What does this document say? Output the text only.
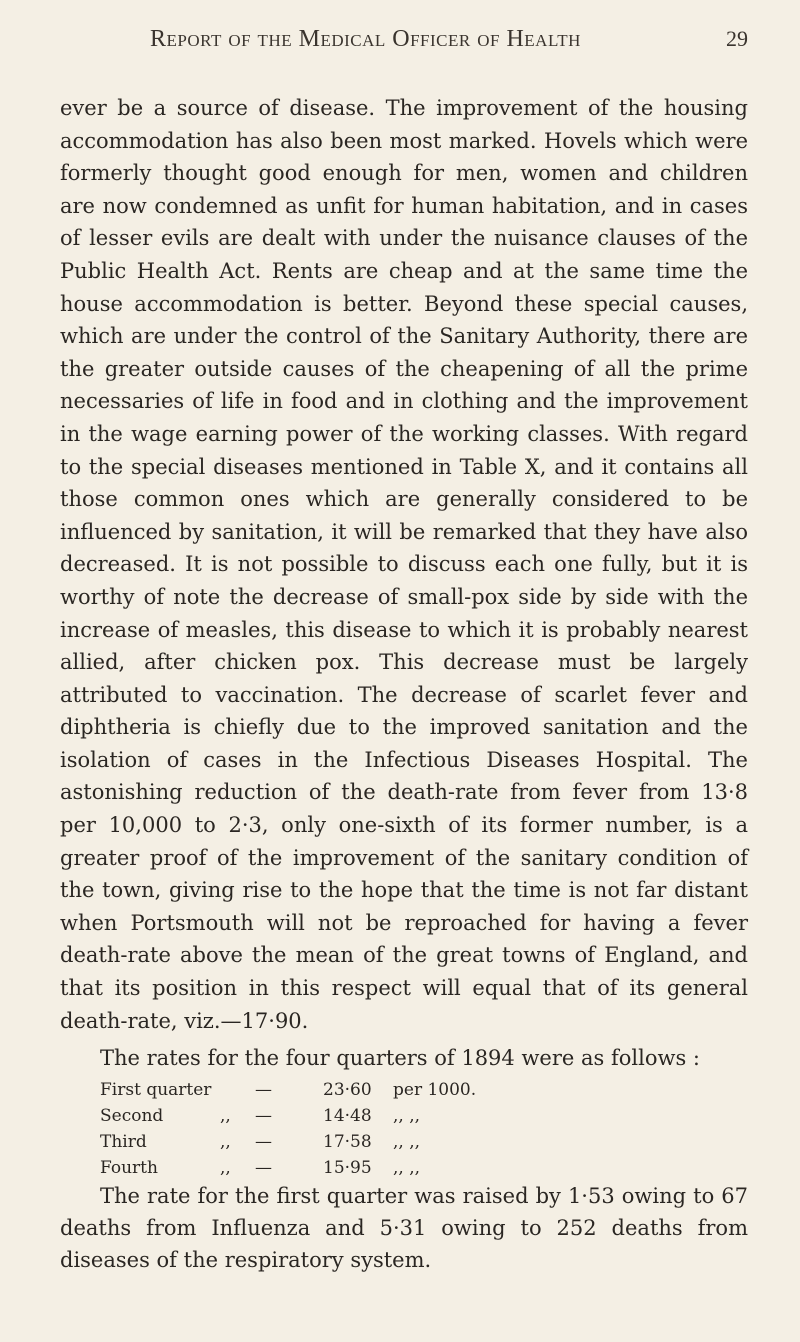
Report of the Medical Officer of Health	29

ever be a source of disease. The improvement of the housing accommodation has also been most marked. Hovels which were formerly thought good enough for men, women and children are now condemned as unfit for human habitation, and in cases of lesser evils are dealt with under the nuisance clauses of the Public Health Act. Rents are cheap and at the same time the house accommodation is better. Beyond these special causes, which are under the control of the Sanitary Authority, there are the greater outside causes of the cheapening of all the prime necessaries of life in food and in clothing and the improvement in the wage earning power of the working classes. With regard to the special diseases mentioned in Table X, and it contains all those common ones which are generally considered to be influenced by sanitation, it will be remarked that they have also decreased. It is not possible to discuss each one fully, but it is worthy of note the decrease of small-pox side by side with the increase of measles, this disease to which it is probably nearest allied, after chicken pox. This decrease must be largely attributed to vaccination. The decrease of scarlet fever and diphtheria is chiefly due to the improved sanitation and the isolation of cases in the Infectious Diseases Hospital. The astonishing reduction of the death-rate from fever from 13·8 per 10,000 to 2·3, only one-sixth of its former number, is a greater proof of the improvement of the sanitary condition of the town, giving rise to the hope that the time is not far distant when Portsmouth will not be reproached for having a fever death-rate above the mean of the great towns of England, and that its position in this respect will equal that of its general death-rate, viz.—17·90.

The rates for the four quarters of 1894 were as follows :

First quarter	—	23·60 per 1000.
Second	,, —	14·48 ,, ,,
Third	,, —	17·58 ,, ,,
Fourth	,, —	15·95 ,, ,,

The rate for the first quarter was raised by 1·53 owing to 67 deaths from Influenza and 5·31 owing to 252 deaths from diseases of the respiratory system.
